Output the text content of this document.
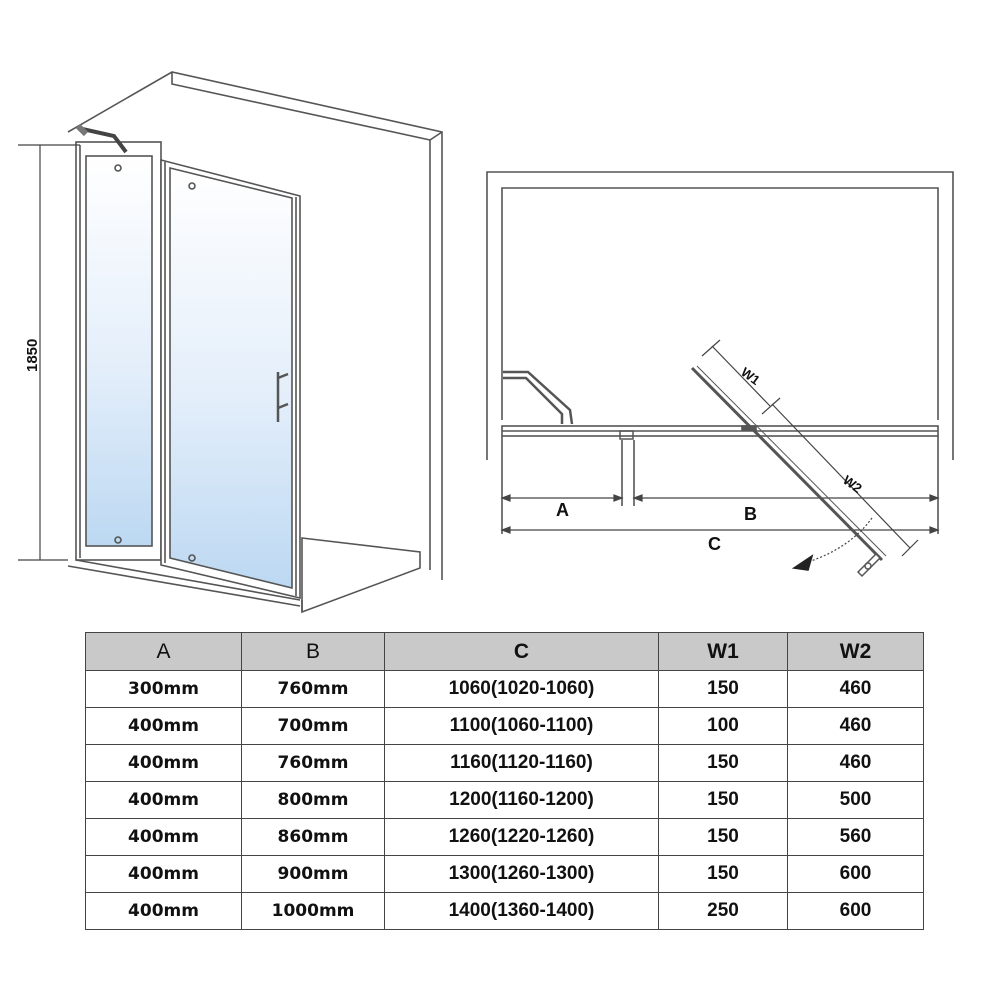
1850
A	B
C
W1
W2
A	B	C	W1	W2
300mm	760mm	1060(1020-1060)	150	460
400mm	700mm	1100(1060-1100)	100	460
400mm	760mm	1160(1120-1160)	150	460
400mm	800mm	1200(1160-1200)	150	500
400mm	860mm	1260(1220-1260)	150	560
400mm	900mm	1300(1260-1300)	150	600
400mm	1000mm	1400(1360-1400)	250	600
